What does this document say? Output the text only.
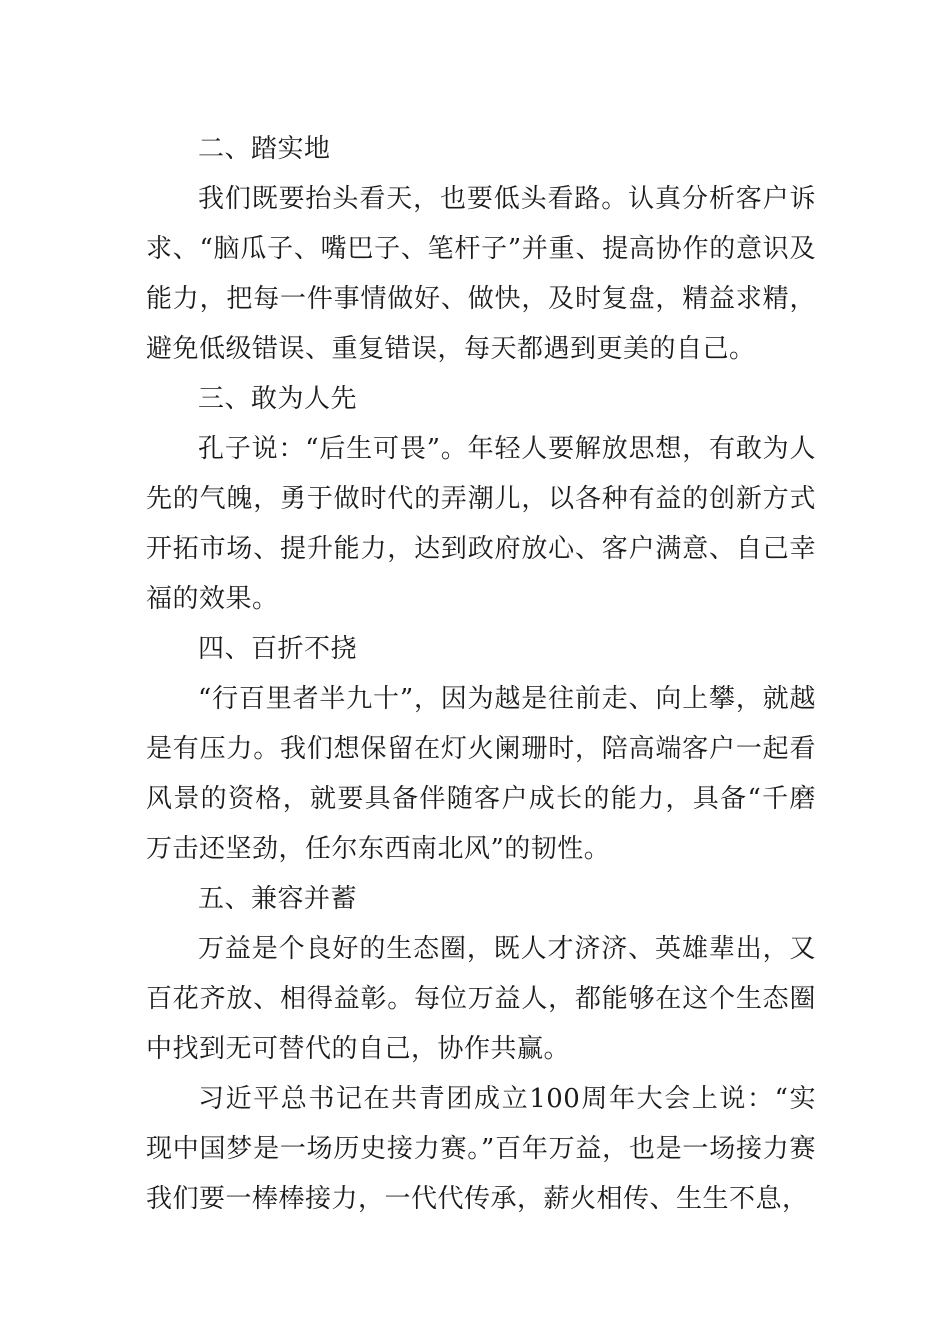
二、踏实地

我们既要抬头看天，也要低头看路。认真分析客户诉求、“脑瓜子、嘴巴子、笔杆子”并重、提高协作的意识及能力，把每一件事情做好、做快，及时复盘，精益求精，避免低级错误、重复错误，每天都遇到更美的自己。

三、敢为人先

孔子说：“后生可畏”。年轻人要解放思想，有敢为人先的气魄，勇于做时代的弄潮儿，以各种有益的创新方式开拓市场、提升能力，达到政府放心、客户满意、自己幸福的效果。

四、百折不挠

“行百里者半九十”，因为越是往前走、向上攀，就越是有压力。我们想保留在灯火阑珊时，陪高端客户一起看风景的资格，就要具备伴随客户成长的能力，具备“千磨万击还坚劲，任尔东西南北风”的韧性。

五、兼容并蓄

万益是个良好的生态圈，既人才济济、英雄辈出，又百花齐放、相得益彰。每位万益人，都能够在这个生态圈中找到无可替代的自己，协作共赢。

习近平总书记在共青团成立100周年大会上说：“实现中国梦是一场历史接力赛。”百年万益，也是一场接力赛我们要一棒棒接力，一代代传承，薪火相传、生生不息，
